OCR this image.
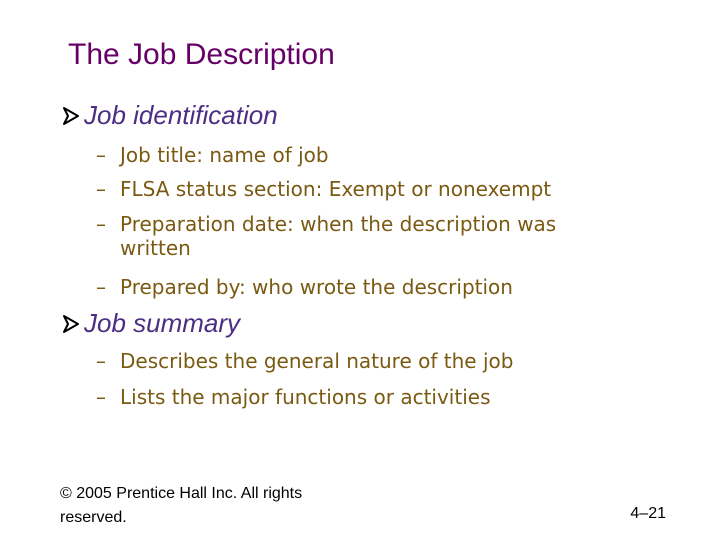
The Job Description
Job identification
– Job title: name of job
– FLSA status section: Exempt or nonexempt
– Preparation date: when the description was written
– Prepared by: who wrote the description
Job summary
– Describes the general nature of the job
– Lists the major functions or activities
© 2005 Prentice Hall Inc. All rights reserved.	4–21
